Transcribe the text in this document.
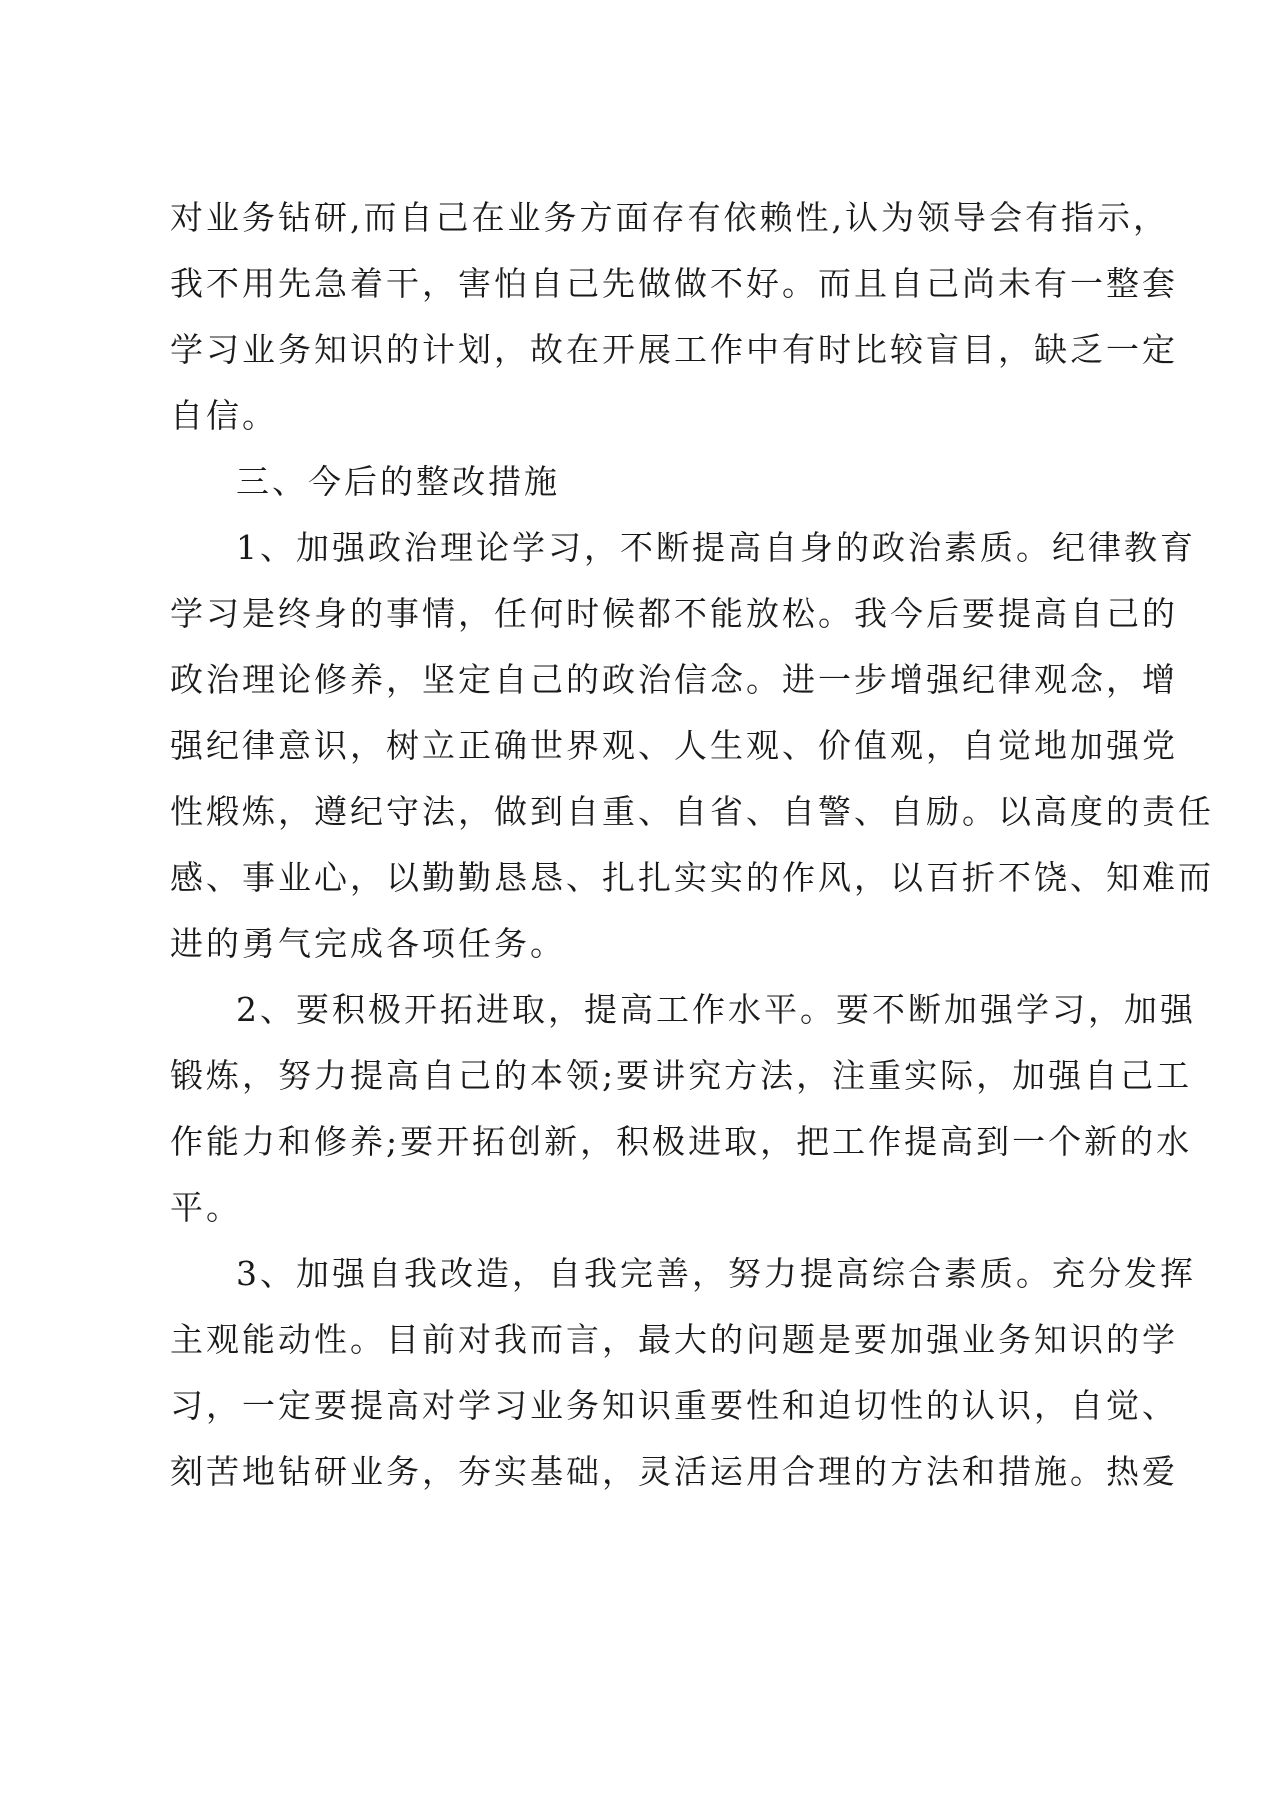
对业务钻研,而自己在业务方面存有依赖性,认为领导会有指示，
我不用先急着干，害怕自己先做做不好。而且自己尚未有一整套
学习业务知识的计划，故在开展工作中有时比较盲目，缺乏一定
自信。
三、今后的整改措施
1、加强政治理论学习，不断提高自身的政治素质。纪律教育
学习是终身的事情，任何时候都不能放松。我今后要提高自己的
政治理论修养，坚定自己的政治信念。进一步增强纪律观念，增
强纪律意识，树立正确世界观、人生观、价值观，自觉地加强党
性煅炼，遵纪守法，做到自重、自省、自警、自励。以高度的责任
感、事业心，以勤勤恳恳、扎扎实实的作风，以百折不饶、知难而
进的勇气完成各项任务。
2、要积极开拓进取，提高工作水平。要不断加强学习，加强
锻炼，努力提高自己的本领;要讲究方法，注重实际，加强自己工
作能力和修养;要开拓创新，积极进取，把工作提高到一个新的水
平。
3、加强自我改造，自我完善，努力提高综合素质。充分发挥
主观能动性。目前对我而言，最大的问题是要加强业务知识的学
习，一定要提高对学习业务知识重要性和迫切性的认识，自觉、
刻苦地钻研业务，夯实基础，灵活运用合理的方法和措施。热爱
